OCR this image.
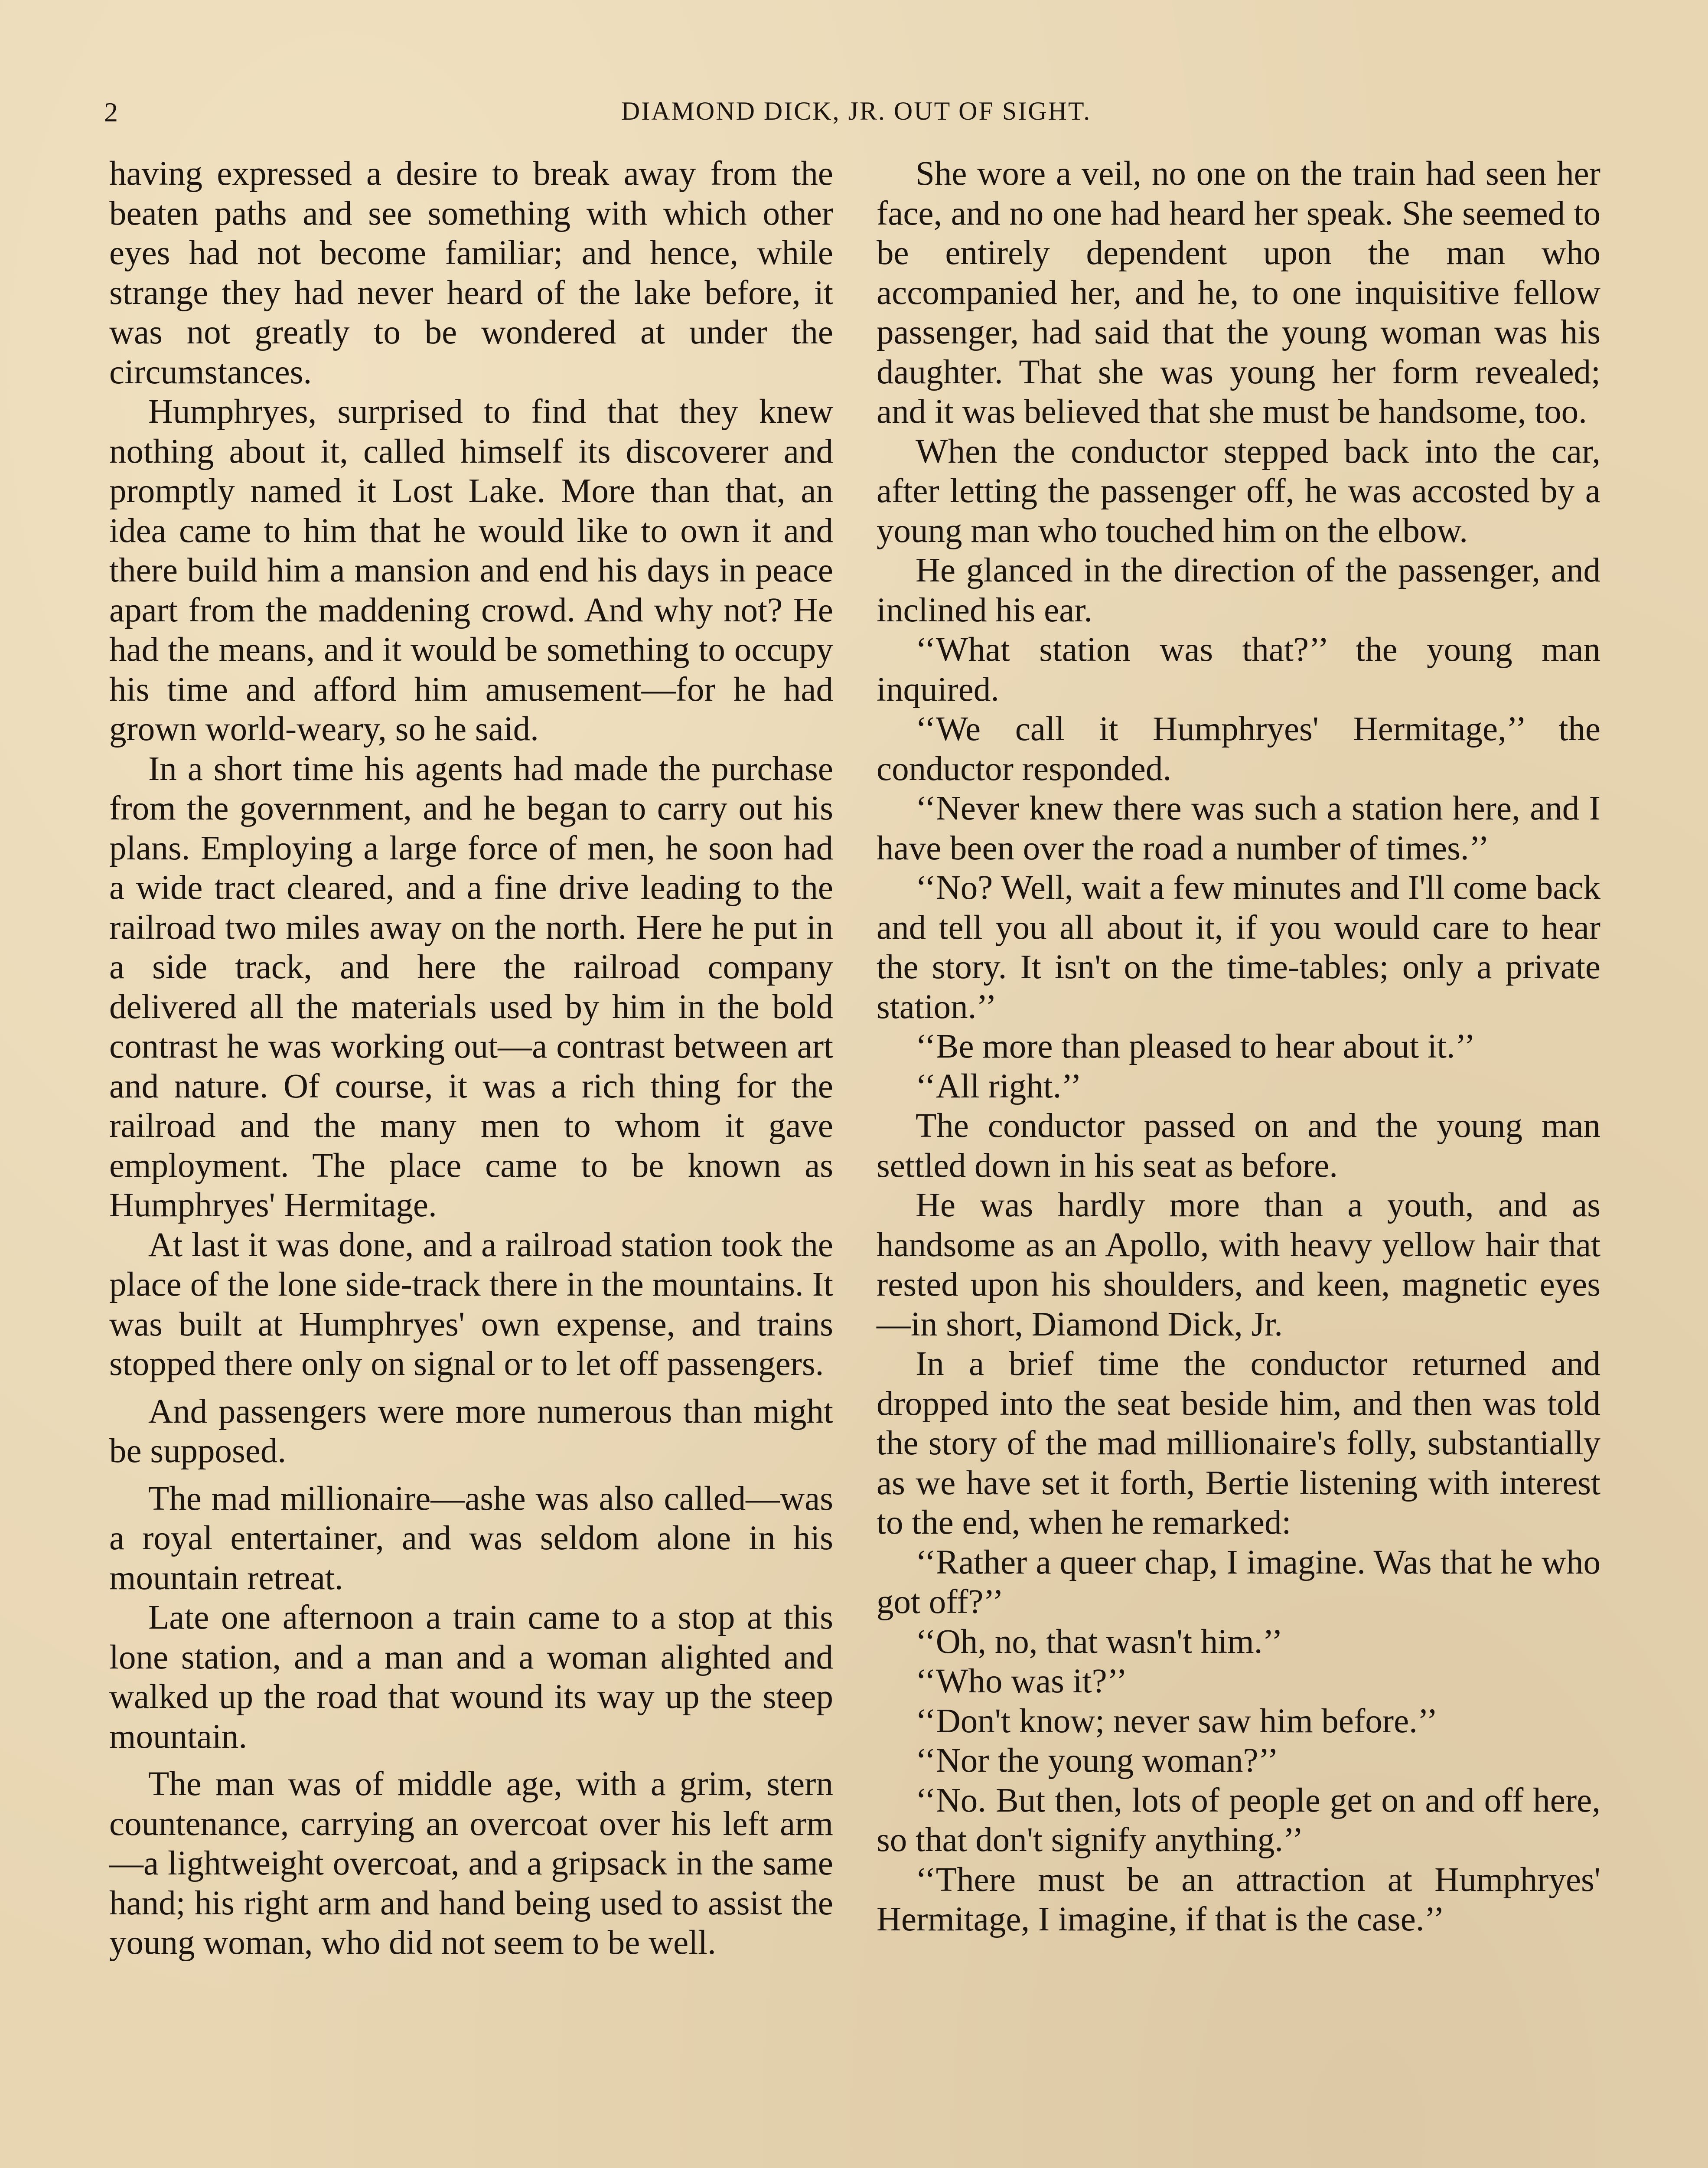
2	DIAMOND DICK, JR. OUT OF SIGHT.

having expressed a desire to break away from the beaten paths and see something with which other eyes had not become familiar; and hence, while strange they had never heard of the lake before, it was not greatly to be wondered at under the circumstances.

Humphryes, surprised to find that they knew nothing about it, called himself its discoverer and promptly named it Lost Lake. More than that, an idea came to him that he would like to own it and there build him a mansion and end his days in peace apart from the maddening crowd. And why not? He had the means, and it would be something to occupy his time and afford him amusement—for he had grown world-weary, so he said.

In a short time his agents had made the purchase from the government, and he began to carry out his plans. Employing a large force of men, he soon had a wide tract cleared, and a fine drive leading to the railroad two miles away on the north. Here he put in a side track, and here the railroad company delivered all the materials used by him in the bold contrast he was working out—a contrast between art and nature. Of course, it was a rich thing for the railroad and the many men to whom it gave employment. The place came to be known as Humphryes' Hermitage.

At last it was done, and a railroad station took the place of the lone side-track there in the mountains. It was built at Humphryes' own expense, and trains stopped there only on signal or to let off passengers.

And passengers were more numerous than might be supposed.

The mad millionaire—ashe was also called—was a royal entertainer, and was seldom alone in his mountain retreat.

Late one afternoon a train came to a stop at this lone station, and a man and a woman alighted and walked up the road that wound its way up the steep mountain.

The man was of middle age, with a grim, stern countenance, carrying an overcoat over his left arm—a lightweight overcoat, and a gripsack in the same hand; his right arm and hand being used to assist the young woman, who did not seem to be well.

She wore a veil, no one on the train had seen her face, and no one had heard her speak. She seemed to be entirely dependent upon the man who accompanied her, and he, to one inquisitive fellow passenger, had said that the young woman was his daughter. That she was young her form revealed; and it was believed that she must be handsome, too.

When the conductor stepped back into the car, after letting the passenger off, he was accosted by a young man who touched him on the elbow.

He glanced in the direction of the passenger, and inclined his ear.

‘‘What station was that?’’ the young man inquired.

‘‘We call it Humphryes' Hermitage,’’ the conductor responded.

‘‘Never knew there was such a station here, and I have been over the road a number of times.’’

‘‘No? Well, wait a few minutes and I'll come back and tell you all about it, if you would care to hear the story. It isn't on the time-tables; only a private station.’’

‘‘Be more than pleased to hear about it.’’

‘‘All right.’’

The conductor passed on and the young man settled down in his seat as before.

He was hardly more than a youth, and as handsome as an Apollo, with heavy yellow hair that rested upon his shoulders, and keen, magnetic eyes—in short, Diamond Dick, Jr.

In a brief time the conductor returned and dropped into the seat beside him, and then was told the story of the mad millionaire's folly, substantially as we have set it forth, Bertie listening with interest to the end, when he remarked:

‘‘Rather a queer chap, I imagine. Was that he who got off?’’

‘‘Oh, no, that wasn't him.’’

‘‘Who was it?’’

‘‘Don't know; never saw him before.’’

‘‘Nor the young woman?’’

‘‘No. But then, lots of people get on and off here, so that don't signify anything.’’

‘‘There must be an attraction at Humphryes' Hermitage, I imagine, if that is the case.’’
